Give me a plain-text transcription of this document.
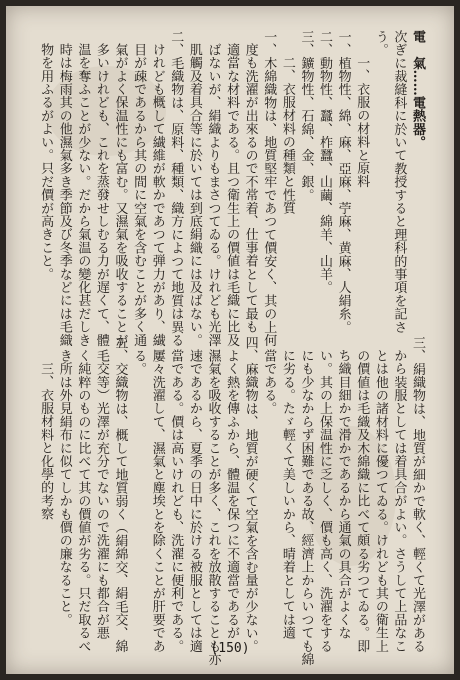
電　氣……電熱器。
次ぎに裁縫科に於いて教授すると理科的事項を記さ
う。
一、衣服の材料と原料
一、植物性、綿、麻、亞麻、苧麻、黄麻、人絹糸。
二、動物性、蠶、柞蠶、山繭、綿羊、山羊。
三、鑛物性、石綿、金、銀。
二、衣服材料の種類と性質
一、木綿織物は、地質堅牢であつて價安く、其の上何
度も洗濯が出來るので不常着、仕事着として最も
適當な材料である。且つ衛生上の價値は毛織に比及
ばないが、絹織よりもまさつてゐる。けれども光澤
肌觸及着具合等に於いては到底絹織には及ばない。
二、毛織物は、原料、種類、織方によつて地質は異る
けれども概して繊維が軟かであつて弾力があり、繊
目が疎であるから其の間に空氣を含むことが多く通
氣がよく保温性にも富む。又濕氣を吸收することが
多いけれども、これを蒸發せしむる力が遅くて、體
温を奪ふことが少ない。だから氣温の變化甚だしき
時は梅雨其の他濕氣多き季節及び冬季などには毛織
物を用ふるがよい。只だ價が高きこと。
三、絹織物は、地質が細かで軟く、輕くて光澤がある
から装服としては着具合がよい。さうして上品なこ
とは他の諸材料に優つてゐる。けれども其の衛生上
の價値は毛織及木綿織に比べて頗る劣つてゐる。即
ち織目細かで滑かであるから通氣の具合がよくな
い。其の上保温性に乏しく、價も高く、洗濯をする
にも少なからず困難である故、經濟上からいつても綿
に劣る。たゞ輕くて美しいから、晴着としては適
當である。
四、麻織物は、地質が硬くて空氣を含む量が少ない。
よく熱を傳ふから、體温を保つに不適當であるが
濕氣を吸收することが多く、これを放散することも亦
速であるから、夏季の日中に於ける被服としては適
當である。價は高いけれども、洗濯に便利である。
屢々洗濯して、濕氣と塵埃とを除くことが肝要であ
る。
五、交織物は、概して地質弱く（絹綿交、絹毛交、綿
毛交等）光澤が充分でないので洗濯にも都合が悪
く純粹のものに比べて其の價値が劣る。只だ取るべ
き所は外見絹布に似てしかも價の廉なること。
三、衣服材料と化學的考察
(150)
